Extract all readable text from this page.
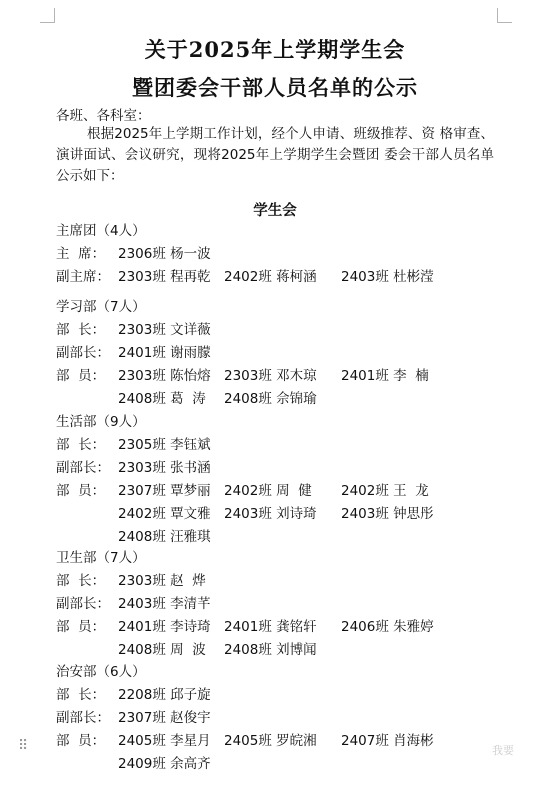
关于2025年上学期学生会
暨团委会干部人员名单的公示
各班、各科室：
根据2025年上学期工作计划，经个人申请、班级推荐、资 格审查、演讲面试、会议研究，现将2025年上学期学生会暨团 委会干部人员名单公示如下：
学生会
主席团（4人）
主  席： 2306班 杨一波
副主席： 2303班 程再乾 2402班 蒋柯涵	2403班 杜彬滢
学习部（7人）
部  长： 2303班 文详薇
副部长： 2401班 谢雨朦
部  员： 2303班 陈怡熔 2303班 邓木琼	2401班 李  楠
2408班 葛  涛	2408班 佘锦瑜
生活部（9人）
部  长： 2305班 李钰斌
副部长： 2303班 张书涵
部  员： 2307班 覃梦丽 2402班 周  健	2402班 王  龙
2402班 覃文雅 2403班 刘诗琦	2403班 钟思彤
2408班 汪雅琪
卫生部（7人）
部  长： 2303班 赵  烨
副部长： 2403班 李清芊
部  员： 2401班 李诗琦 2401班 龚铭轩	2406班 朱雅婷
2408班 周  波	2408班 刘博闻
治安部（6人）
部  长： 2208班 邱子旋
副部长： 2307班 赵俊宇
部  员： 2405班 李星月 2405班 罗皖湘	2407班 肖海彬
2409班 余高齐
⠿	我要
